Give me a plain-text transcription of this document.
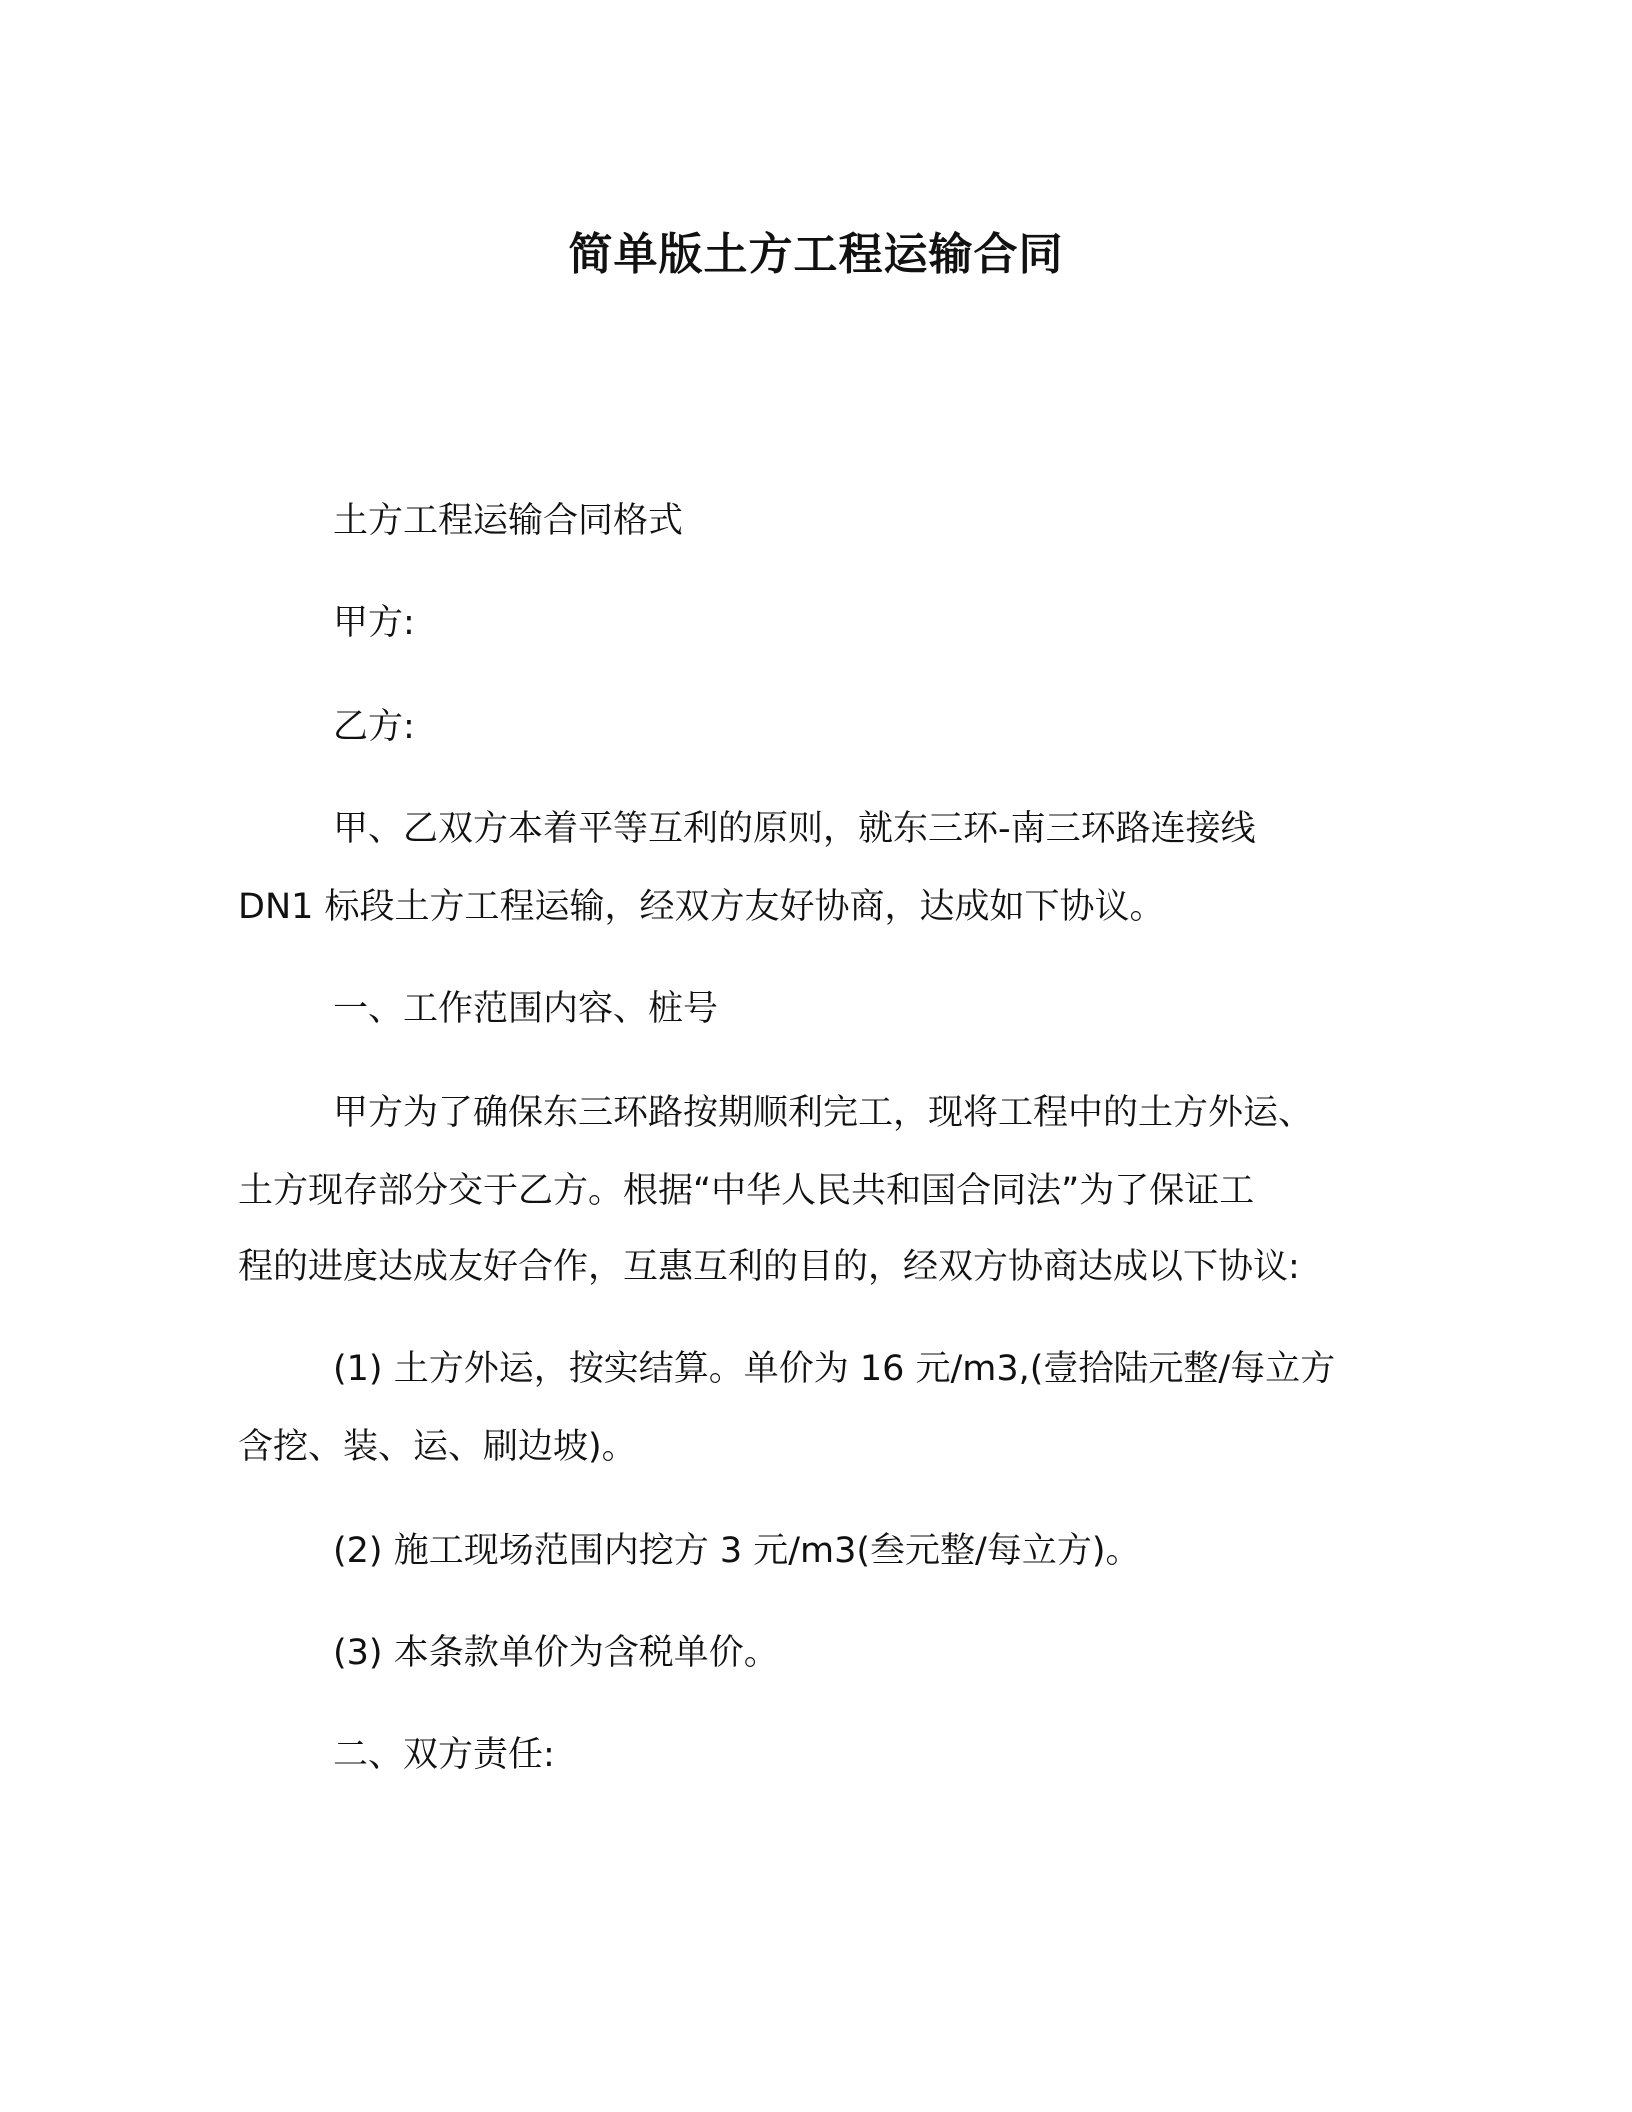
简单版土方工程运输合同

土方工程运输合同格式

甲方:

乙方:

甲、乙双方本着平等互利的原则，就东三环-南三环路连接线

DN1 标段土方工程运输，经双方友好协商，达成如下协议。

一、工作范围内容、桩号

甲方为了确保东三环路按期顺利完工，现将工程中的土方外运、

土方现存部分交于乙方。根据“中华人民共和国合同法”为了保证工

程的进度达成友好合作，互惠互利的目的，经双方协商达成以下协议:

(1) 土方外运，按实结算。单价为 16 元/m3,(壹拾陆元整/每立方

含挖、装、运、刷边坡)。

(2) 施工现场范围内挖方 3 元/m3(叁元整/每立方)。

(3) 本条款单价为含税单价。

二、双方责任:
